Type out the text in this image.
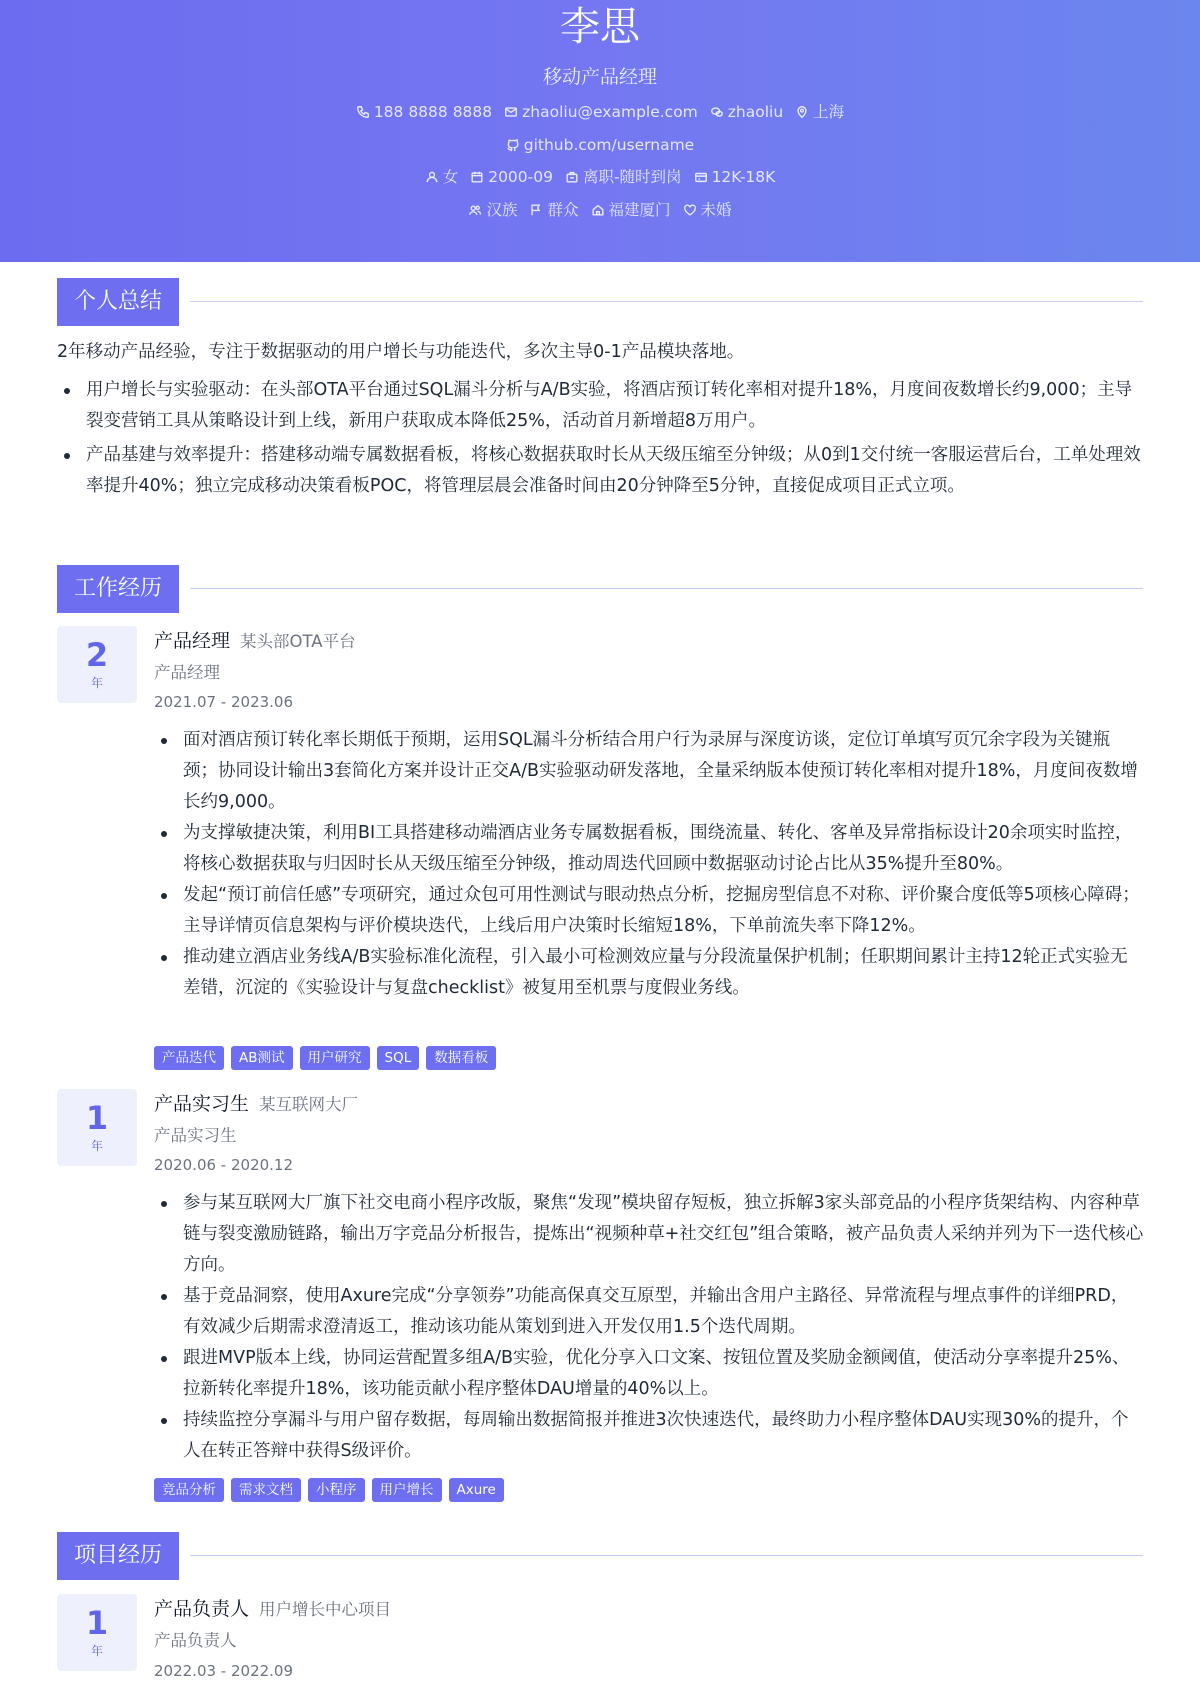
李思
移动产品经理
188 8888 8888 zhaoliu@example.com zhaoliu 上海
github.com/username
女 2000-09 离职-随时到岗 12K-18K
汉族 群众 福建厦门 未婚
个人总结

2年移动产品经验，专注于数据驱动的用户增长与功能迭代，多次主导0-1产品模块落地。

用户增长与实验驱动：在头部OTA平台通过SQL漏斗分析与A/B实验，将酒店预订转化率相对提升18%，月度间夜数增长约9,000；主导裂变营销工具从策略设计到上线，新用户获取成本降低25%，活动首月新增超8万用户。
产品基建与效率提升：搭建移动端专属数据看板，将核心数据获取时长从天级压缩至分钟级；从0到1交付统一客服运营后台，工单处理效率提升40%；独立完成移动决策看板POC，将管理层晨会准备时间由20分钟降至5分钟，直接促成项目正式立项。
工作经历
2
年
产品经理 某头部OTA平台
产品经理
2021.07 - 2023.06
面对酒店预订转化率长期低于预期，运用SQL漏斗分析结合用户行为录屏与深度访谈，定位订单填写页冗余字段为关键瓶颈；协同设计输出3套简化方案并设计正交A/B实验驱动研发落地，全量采纳版本使预订转化率相对提升18%，月度间夜数增长约9,000。
为支撑敏捷决策，利用BI工具搭建移动端酒店业务专属数据看板，围绕流量、转化、客单及异常指标设计20余项实时监控，将核心数据获取与归因时长从天级压缩至分钟级，推动周迭代回顾中数据驱动讨论占比从35%提升至80%。
发起“预订前信任感”专项研究，通过众包可用性测试与眼动热点分析，挖掘房型信息不对称、评价聚合度低等5项核心障碍；主导详情页信息架构与评价模块迭代，上线后用户决策时长缩短18%，下单前流失率下降12%。
推动建立酒店业务线A/B实验标准化流程，引入最小可检测效应量与分段流量保护机制；任职期间累计主持12轮正式实验无差错，沉淀的《实验设计与复盘checklist》被复用至机票与度假业务线。
产品迭代	AB测试	用户研究	SQL	数据看板
1
年
产品实习生 某互联网大厂
产品实习生
2020.06 - 2020.12
参与某互联网大厂旗下社交电商小程序改版，聚焦“发现”模块留存短板，独立拆解3家头部竞品的小程序货架结构、内容种草链与裂变激励链路，输出万字竞品分析报告，提炼出“视频种草+社交红包”组合策略，被产品负责人采纳并列为下一迭代核心方向。
基于竞品洞察，使用Axure完成“分享领券”功能高保真交互原型，并输出含用户主路径、异常流程与埋点事件的详细PRD，有效减少后期需求澄清返工，推动该功能从策划到进入开发仅用1.5个迭代周期。
跟进MVP版本上线，协同运营配置多组A/B实验，优化分享入口文案、按钮位置及奖励金额阈值，使活动分享率提升25%、拉新转化率提升18%，该功能贡献小程序整体DAU增量的40%以上。
持续监控分享漏斗与用户留存数据，每周输出数据简报并推进3次快速迭代，最终助力小程序整体DAU实现30%的提升，个人在转正答辩中获得S级评价。
竞品分析	需求文档	小程序	用户增长	Axure
项目经历
1
年
产品负责人 用户增长中心项目
产品负责人
2022.03 - 2022.09
